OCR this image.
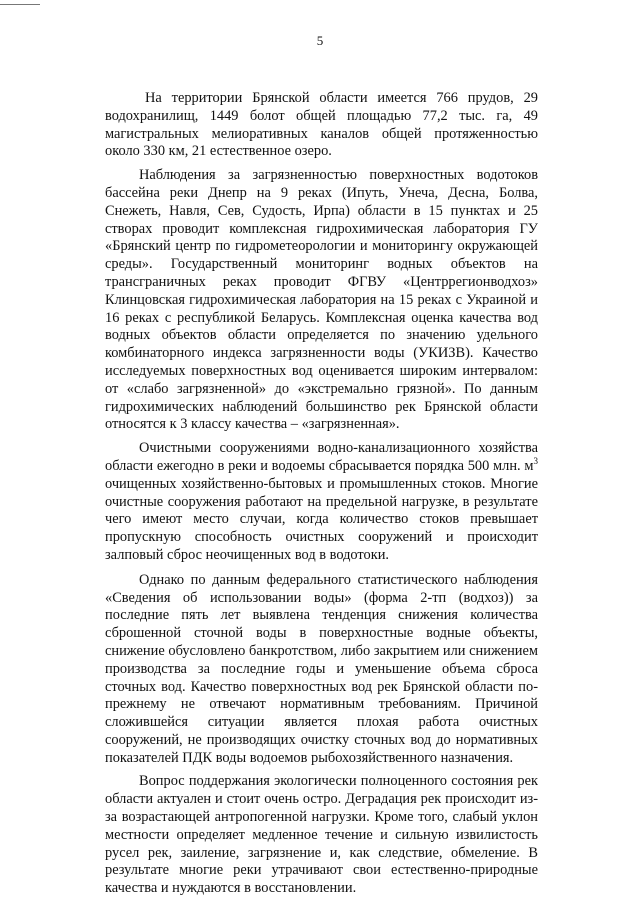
5

На территории Брянской области имеется 766 прудов, 29 водохранилищ, 1449 болот общей площадью 77,2 тыс. га, 49 магистральных мелиоративных каналов общей протяженностью около 330 км, 21 естественное озеро.

Наблюдения за загрязненностью поверхностных водотоков бассейна реки Днепр на 9 реках (Ипуть, Унеча, Десна, Болва, Снежеть, Навля, Сев, Судость, Ирпа) области в 15 пунктах и 25 створах проводит комплексная гидрохимическая лаборатория ГУ «Брянский центр по гидрометеорологии и мониторингу окружающей среды». Государственный мониторинг водных объектов на трансграничных реках проводит ФГВУ «Центррегионводхоз» Клинцовская гидрохимическая лаборатория на 15 реках с Украиной и 16 реках с республикой Беларусь. Комплексная оценка качества вод водных объектов области определяется по значению удельного комбинаторного индекса загрязненности воды (УКИЗВ). Качество исследуемых поверхностных вод оценивается широким интервалом: от «слабо загрязненной» до «экстремально грязной». По данным гидрохимических наблюдений большинство рек Брянской области относятся к 3 классу качества – «загрязненная».

Очистными сооружениями водно-канализационного хозяйства области ежегодно в реки и водоемы сбрасывается порядка 500 млн. $м^3$ очищенных хозяйственно-бытовых и промышленных стоков. Многие очистные сооружения работают на предельной нагрузке, в результате чего имеют место случаи, когда количество стоков превышает пропускную способность очистных сооружений и происходит залповый сброс неочищенных вод в водотоки.

Однако по данным федерального статистического наблюдения «Сведения об использовании воды» (форма 2-тп (водхоз)) за последние пять лет выявлена тенденция снижения количества сброшенной сточной воды в поверхностные водные объекты, снижение обусловлено банкротством, либо закрытием или снижением производства за последние годы и уменьшение объема сброса сточных вод. Качество поверхностных вод рек Брянской области по-прежнему не отвечают нормативным требованиям. Причиной сложившейся ситуации является плохая работа очистных сооружений, не производящих очистку сточных вод до нормативных показателей ПДК воды водоемов рыбохозяйственного назначения.

Вопрос поддержания экологически полноценного состояния рек области актуален и стоит очень остро. Деградация рек происходит из-за возрастающей антропогенной нагрузки. Кроме того, слабый уклон местности определяет медленное течение и сильную извилистость русел рек, заиление, загрязнение и, как следствие, обмеление. В результате многие реки утрачивают свои естественно-природные качества и нуждаются в восстановлении.
